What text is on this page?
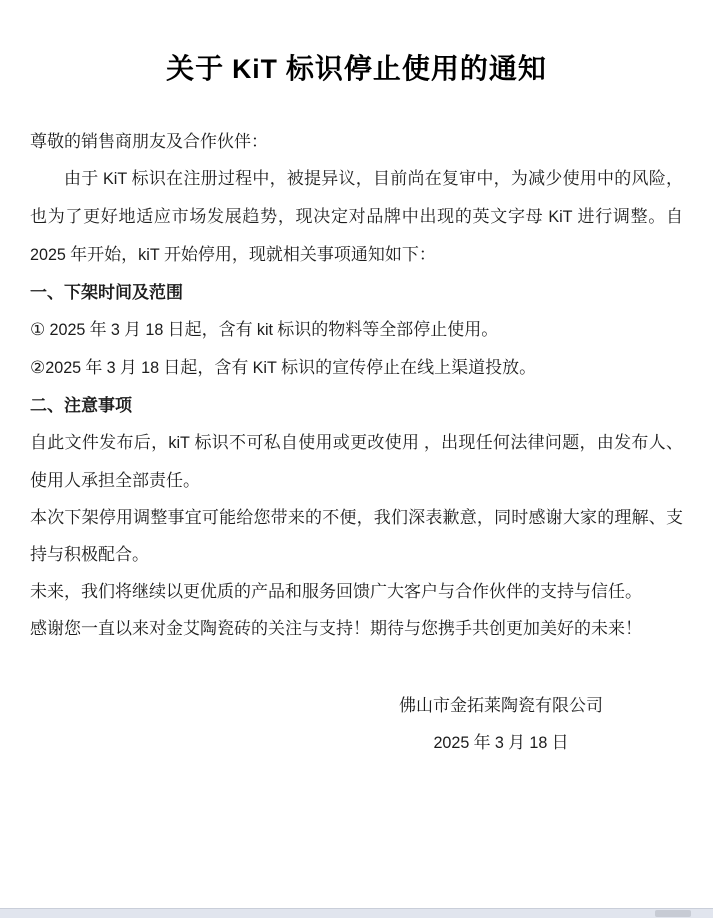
关于 KiT 标识停止使用的通知

尊敬的销售商朋友及合作伙伴：

由于 KiT 标识在注册过程中，被提异议，目前尚在复审中，为减少使用中的风险，也为了更好地适应市场发展趋势，现决定对品牌中出现的英文字母 KiT 进行调整。自 2025 年开始，kiT 开始停用，现就相关事项通知如下：

一、下架时间及范围

① 2025 年 3 月 18 日起，含有 kit 标识的物料等全部停止使用。

②2025 年 3 月 18 日起，含有 KiT 标识的宣传停止在线上渠道投放。

二、注意事项

自此文件发布后，kiT 标识不可私自使用或更改使用 ，出现任何法律问题，由发布人、使用人承担全部责任。

本次下架停用调整事宜可能给您带来的不便，我们深表歉意，同时感谢大家的理解、支持与积极配合。

未来，我们将继续以更优质的产品和服务回馈广大客户与合作伙伴的支持与信任。

感谢您一直以来对金艾陶瓷砖的关注与支持！期待与您携手共创更加美好的未来！

佛山市金拓莱陶瓷有限公司

2025 年 3 月 18 日
